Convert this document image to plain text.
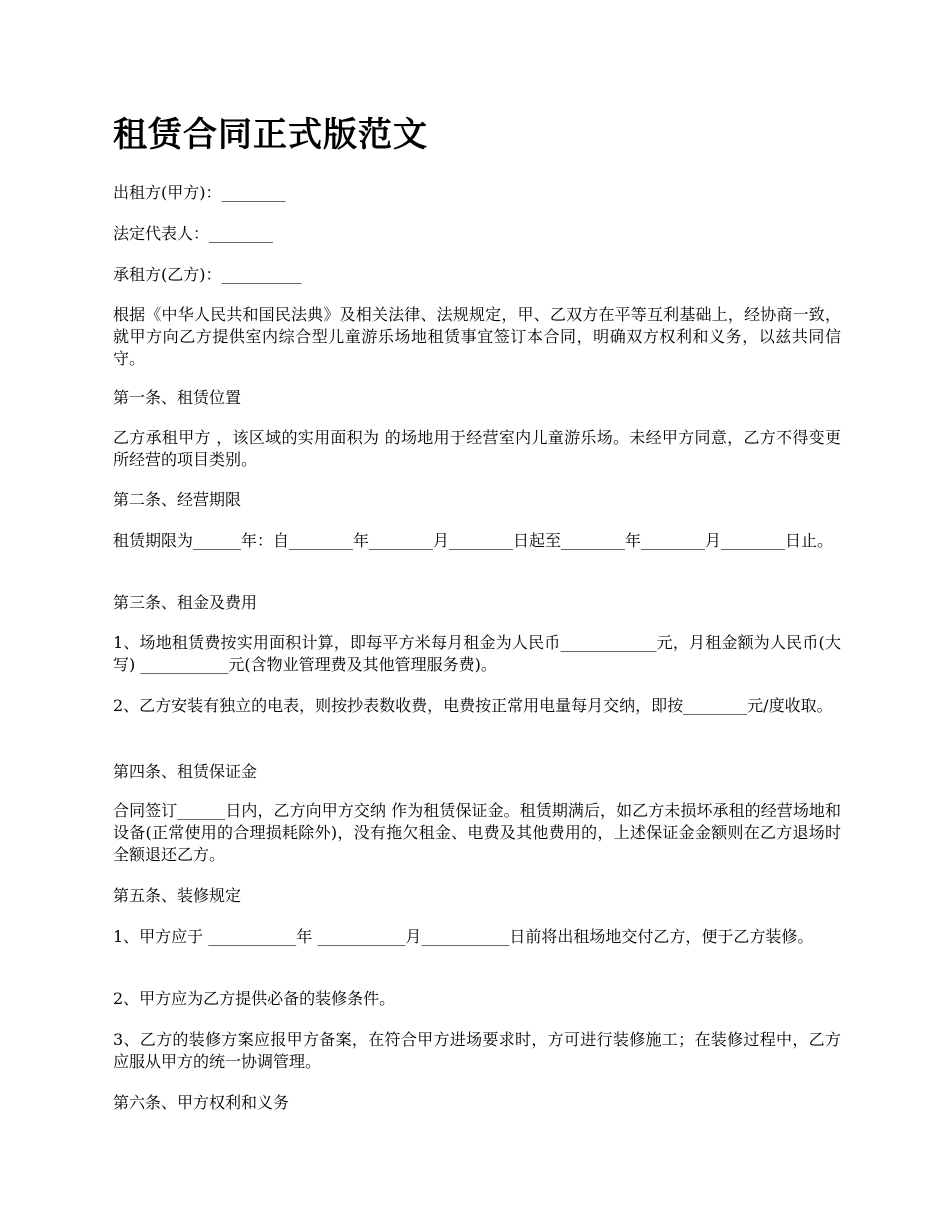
租赁合同正式版范文

出租方(甲方)：________

法定代表人：________

承租方(乙方)：__________

根据《中华人民共和国民法典》及相关法律、法规规定，甲、乙双方在平等互利基础上，经协商一致，就甲方向乙方提供室内综合型儿童游乐场地租赁事宜签订本合同，明确双方权利和义务，以兹共同信守。

第一条、租赁位置

乙方承租甲方 ，该区域的实用面积为 的场地用于经营室内儿童游乐场。未经甲方同意，乙方不得变更所经营的项目类别。

第二条、经营期限

租赁期限为______年：自________年________月________日起至________年________月________日止。

第三条、租金及费用

1、场地租赁费按实用面积计算，即每平方米每月租金为人民币____________元，月租金额为人民币(大写) ___________元(含物业管理费及其他管理服务费)。

2、乙方安装有独立的电表，则按抄表数收费，电费按正常用电量每月交纳，即按________元/度收取。

第四条、租赁保证金

合同签订______日内，乙方向甲方交纳 作为租赁保证金。租赁期满后，如乙方未损坏承租的经营场地和设备(正常使用的合理损耗除外)，没有拖欠租金、电费及其他费用的，上述保证金金额则在乙方退场时全额退还乙方。

第五条、装修规定

1、甲方应于 ___________年 ___________月___________日前将出租场地交付乙方，便于乙方装修。

2、甲方应为乙方提供必备的装修条件。

3、乙方的装修方案应报甲方备案，在符合甲方进场要求时，方可进行装修施工；在装修过程中，乙方应服从甲方的统一协调管理。

第六条、甲方权利和义务
